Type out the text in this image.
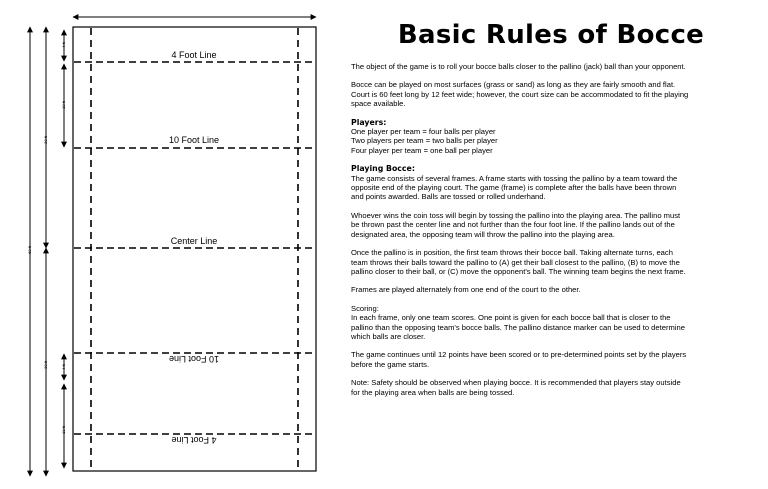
4 Foot Line
10 Foot Line
Center Line
10 Foot Line
4 Foot Line
60 ft
30 ft
30 ft
4 ft
10 ft
4 ft
10 ft
Basic Rules of Bocce

The object of the game is to roll your bocce balls closer to the pallino (jack) ball than your opponent.

Bocce can be played on most surfaces (grass or sand) as long as they are fairly smooth and flat.
Court is 60 feet long by 12 feet wide; however, the court size can be accommodated to fit the playing
space available.

Players:
One player per team = four balls per player
Two players per team = two balls per player
Four player per team = one ball per player

Playing Bocce:
The game consists of several frames. A frame starts with tossing the pallino by a team toward the
opposite end of the playing court. The game (frame) is complete after the balls have been thrown
and points awarded. Balls are tossed or rolled underhand.

Whoever wins the coin toss will begin by tossing the pallino into the playing area. The pallino must
be thrown past the center line and not further than the four foot line. If the pallino lands out of the
designated area, the opposing team will throw the pallino into the playing area.

Once the pallino is in position, the first team throws their bocce ball. Taking alternate turns, each
team throws their balls toward the pallino to (A) get their ball closest to the pallino, (B) to move the
pallino closer to their ball, or (C) move the opponent's ball. The winning team begins the next frame.

Frames are played alternately from one end of the court to the other.

Scoring:
In each frame, only one team scores. One point is given for each bocce ball that is closer to the
pallino than the opposing team's bocce balls. The pallino distance marker can be used to determine
which balls are closer.

The game continues until 12 points have been scored or to pre-determined points set by the players
before the game starts.

Note: Safety should be observed when playing bocce. It is recommended that players stay outside
for the playing area when balls are being tossed.
